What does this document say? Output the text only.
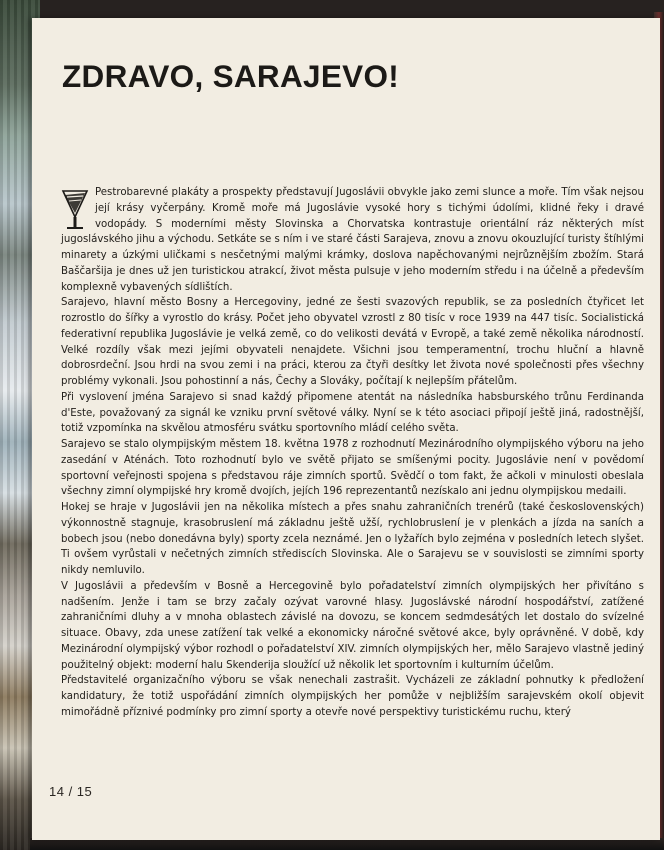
ZDRAVO, SARAJEVO!

Pestrobarevné plakáty a prospekty představují Jugoslávii obvykle jako zemi slunce a moře. Tím však nejsou její krásy vyčerpány. Kromě moře má Jugoslávie vysoké hory s tichými údolími, klidné řeky i dravé vodopády. S moderními městy Slovinska a Chorvatska kontrastuje orientální ráz některých míst jugoslávského jihu a východu. Setkáte se s ním i ve staré části Sarajeva, znovu a znovu okouzlující turisty štíhlými minarety a úzkými uličkami s nesčetnými malými krámky, doslova napěchovanými nejrůznějším zbožím. Stará Baščaršija je dnes už jen turistickou atrakcí, život města pulsuje v jeho moderním středu i na účelně a především komplexně vybavených sídlištích.

Sarajevo, hlavní město Bosny a Hercegoviny, jedné ze šesti svazových republik, se za posledních čtyřicet let rozrostlo do šířky a vyrostlo do krásy. Počet jeho obyvatel vzrostl z 80 tisíc v roce 1939 na 447 tisíc. Socialistická federativní republika Jugoslávie je velká země, co do velikosti devátá v Evropě, a také země několika národností. Velké rozdíly však mezi jejími obyvateli nenajdete. Všichni jsou temperamentní, trochu hluční a hlavně dobrosrdeční. Jsou hrdi na svou zemi i na práci, kterou za čtyři desítky let života nové společnosti přes všechny problémy vykonali. Jsou pohostinní a nás, Čechy a Slováky, počítají k nejlepším přátelům.

Při vyslovení jména Sarajevo si snad každý připomene atentát na následníka habsburského trůnu Ferdinanda d'Este, považovaný za signál ke vzniku první světové války. Nyní se k této asociaci připojí ještě jiná, radostnější, totiž vzpomínka na skvělou atmosféru svátku sportovního mládí celého světa.

Sarajevo se stalo olympijským městem 18. května 1978 z rozhodnutí Mezinárodního olympijského výboru na jeho zasedání v Aténách. Toto rozhodnutí bylo ve světě přijato se smíšenými pocity. Jugoslávie není v povědomí sportovní veřejnosti spojena s představou ráje zimních sportů. Svědčí o tom fakt, že ačkoli v minulosti obeslala všechny zimní olympijské hry kromě dvojích, jejích 196 reprezentantů nezískalo ani jednu olympijskou medaili.

Hokej se hraje v Jugoslávii jen na několika místech a přes snahu zahraničních trenérů (také československých) výkonnostně stagnuje, krasobruslení má základnu ještě užší, rychlobruslení je v plenkách a jízda na saních a bobech jsou (nebo donedávna byly) sporty zcela neznámé. Jen o lyžařích bylo zejména v posledních letech slyšet. Ti ovšem vyrůstali v nečetných zimních střediscích Slovinska. Ale o Sarajevu se v souvislosti se zimními sporty nikdy nemluvilo.

V Jugoslávii a především v Bosně a Hercegovině bylo pořadatelství zimních olympijských her přivítáno s nadšením. Jenže i tam se brzy začaly ozývat varovné hlasy. Jugoslávské národní hospodářství, zatížené zahraničními dluhy a v mnoha oblastech závislé na dovozu, se koncem sedmdesátých let dostalo do svízelné situace. Obavy, zda unese zatížení tak velké a ekonomicky náročné světové akce, byly oprávněné. V době, kdy Mezinárodní olympijský výbor rozhodl o pořadatelství XIV. zimních olympijských her, mělo Sarajevo vlastně jediný použitelný objekt: moderní halu Skenderija sloužící už několik let sportovním i kulturním účelům.

Představitelé organizačního výboru se však nenechali zastrašit. Vycházeli ze základní pohnutky k předložení kandidatury, že totiž uspořádání zimních olympijských her pomůže v nejbližším sarajevském okolí objevit mimořádně příznivé podmínky pro zimní sporty a otevře nové perspektivy turistickému ruchu, který

14 / 15
